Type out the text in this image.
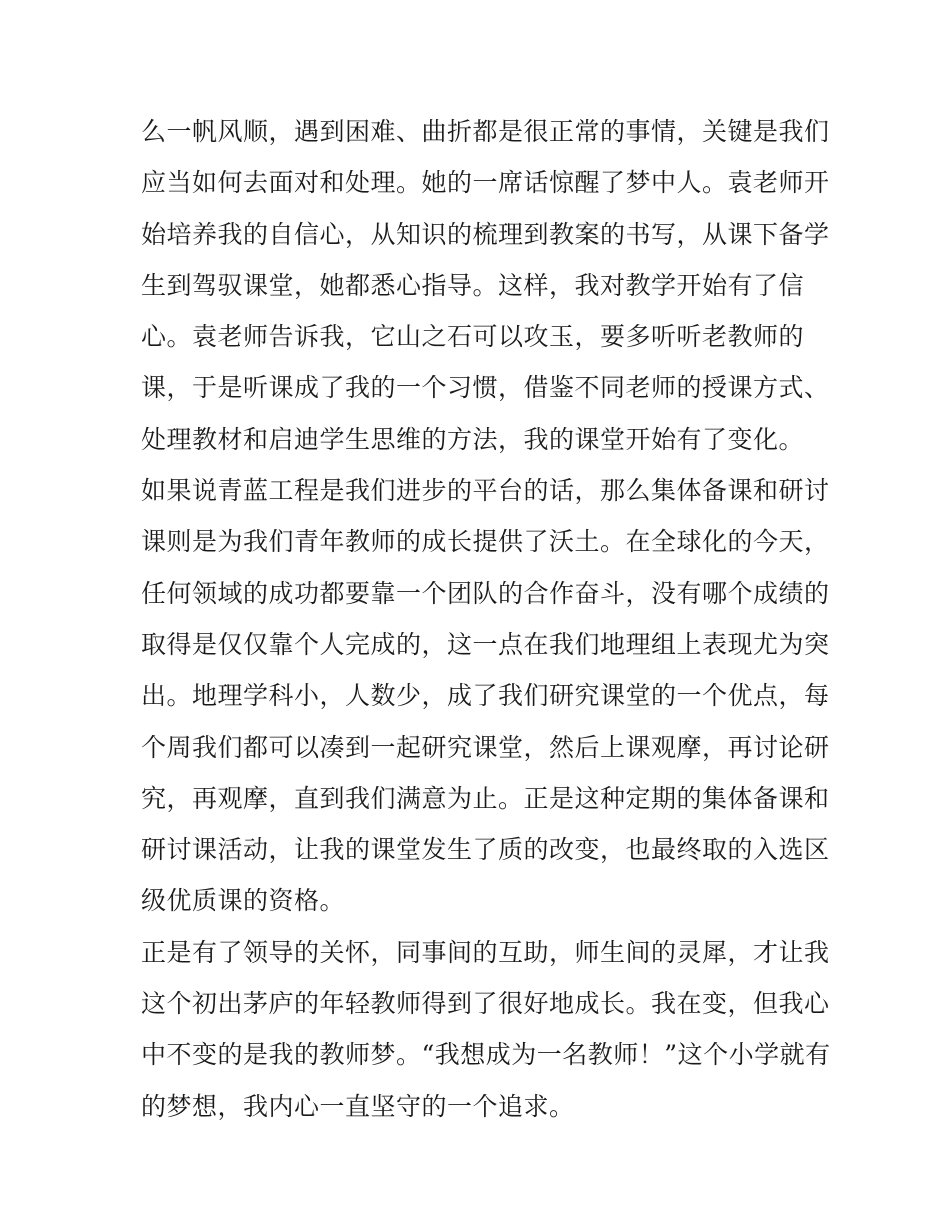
么一帆风顺，遇到困难、曲折都是很正常的事情，关键是我们
应当如何去面对和处理。她的一席话惊醒了梦中人。袁老师开
始培养我的自信心，从知识的梳理到教案的书写，从课下备学
生到驾驭课堂，她都悉心指导。这样，我对教学开始有了信
心。袁老师告诉我，它山之石可以攻玉，要多听听老教师的
课，于是听课成了我的一个习惯，借鉴不同老师的授课方式、
处理教材和启迪学生思维的方法，我的课堂开始有了变化。
如果说青蓝工程是我们进步的平台的话，那么集体备课和研讨
课则是为我们青年教师的成长提供了沃土。在全球化的今天，
任何领域的成功都要靠一个团队的合作奋斗，没有哪个成绩的
取得是仅仅靠个人完成的，这一点在我们地理组上表现尤为突
出。地理学科小，人数少，成了我们研究课堂的一个优点，每
个周我们都可以凑到一起研究课堂，然后上课观摩，再讨论研
究，再观摩，直到我们满意为止。正是这种定期的集体备课和
研讨课活动，让我的课堂发生了质的改变，也最终取的入选区
级优质课的资格。
正是有了领导的关怀，同事间的互助，师生间的灵犀，才让我
这个初出茅庐的年轻教师得到了很好地成长。我在变，但我心
中不变的是我的教师梦。“我想成为一名教师！”这个小学就有
的梦想，我内心一直坚守的一个追求。
